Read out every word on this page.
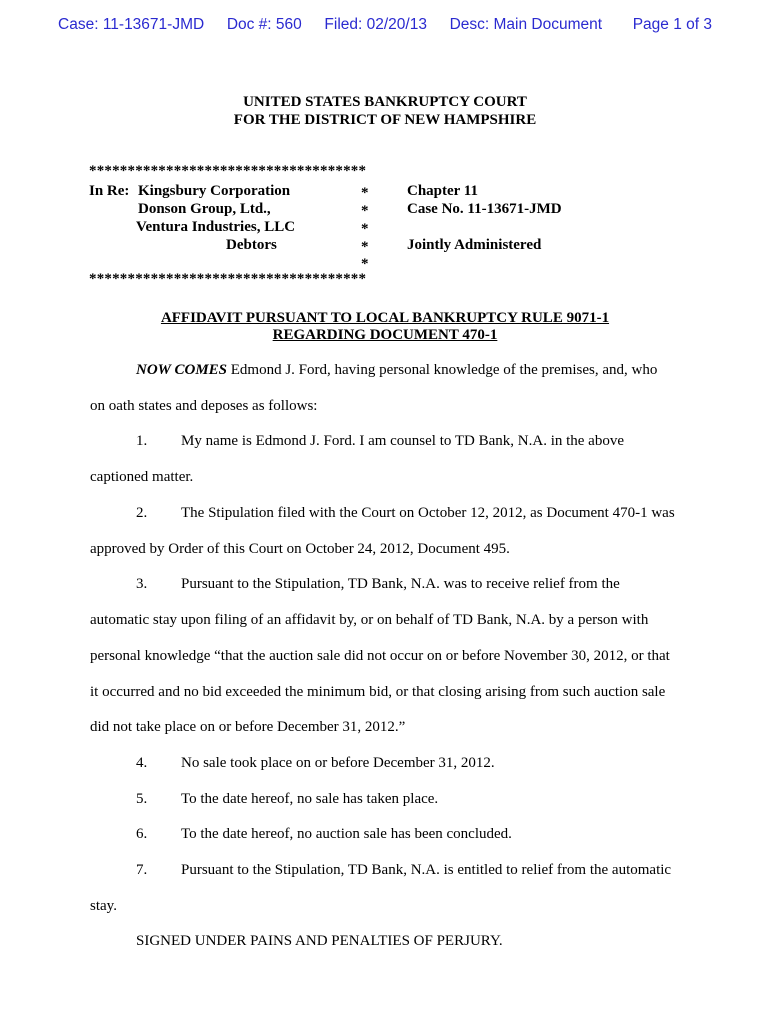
Case: 11-13671-JMD Doc #: 560 Filed: 02/20/13 Desc: Main Document Page 1 of 3
UNITED STATES BANKRUPTCY COURT
FOR THE DISTRICT OF NEW HAMPSHIRE
************************************
In Re: Kingsbury Corporation
Donson Group, Ltd.,
Ventura Industries, LLC
Debtors
*
*
*
*
*
Chapter 11
Case No. 11-13671-JMD
Jointly Administered
************************************
AFFIDAVIT PURSUANT TO LOCAL BANKRUPTCY RULE 9071-1
REGARDING DOCUMENT 470-1
NOW COMES Edmond J. Ford, having personal knowledge of the premises, and, who
on oath states and deposes as follows:
1. My name is Edmond J. Ford. I am counsel to TD Bank, N.A. in the above
captioned matter.
2. The Stipulation filed with the Court on October 12, 2012, as Document 470-1 was
approved by Order of this Court on October 24, 2012, Document 495.
3. Pursuant to the Stipulation, TD Bank, N.A. was to receive relief from the
automatic stay upon filing of an affidavit by, or on behalf of TD Bank, N.A. by a person with
personal knowledge “that the auction sale did not occur on or before November 30, 2012, or that
it occurred and no bid exceeded the minimum bid, or that closing arising from such auction sale
did not take place on or before December 31, 2012.”
4. No sale took place on or before December 31, 2012.
5. To the date hereof, no sale has taken place.
6. To the date hereof, no auction sale has been concluded.
7. Pursuant to the Stipulation, TD Bank, N.A. is entitled to relief from the automatic
stay.
SIGNED UNDER PAINS AND PENALTIES OF PERJURY.
